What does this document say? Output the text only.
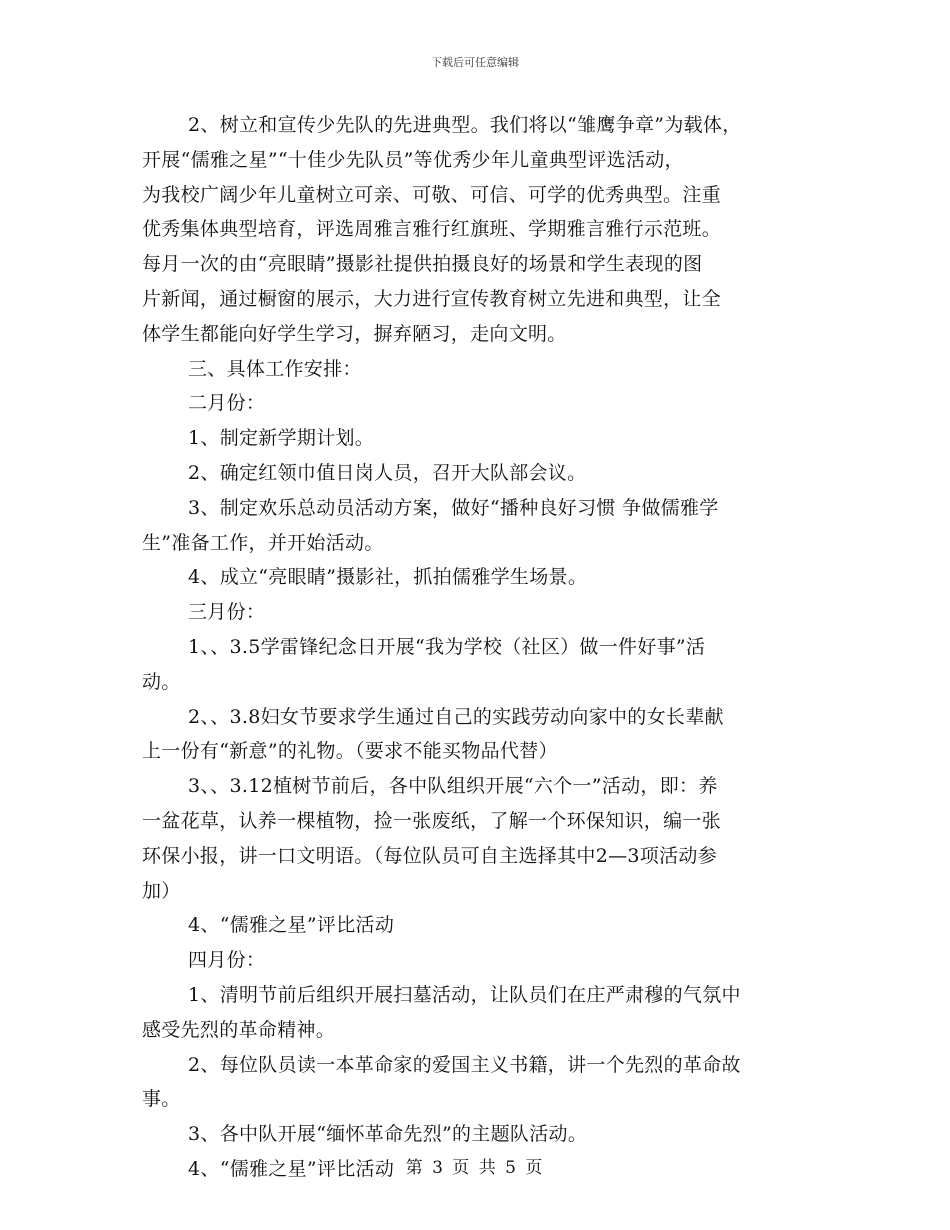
下载后可任意编辑
2、树立和宣传少先队的先进典型。我们将以“雏鹰争章”为载体，
开展“儒雅之星”“十佳少先队员”等优秀少年儿童典型评选活动，
为我校广阔少年儿童树立可亲、可敬、可信、可学的优秀典型。注重
优秀集体典型培育，评选周雅言雅行红旗班、学期雅言雅行示范班。
每月一次的由“亮眼睛”摄影社提供拍摄良好的场景和学生表现的图
片新闻，通过橱窗的展示，大力进行宣传教育树立先进和典型，让全
体学生都能向好学生学习，摒弃陋习，走向文明。
三、具体工作安排：
二月份：
1、制定新学期计划。
2、确定红领巾值日岗人员，召开大队部会议。
3、制定欢乐总动员活动方案，做好“播种良好习惯 争做儒雅学
生”准备工作，并开始活动。
4、成立“亮眼睛”摄影社，抓拍儒雅学生场景。
三月份：
1、、3.5学雷锋纪念日开展“我为学校（社区）做一件好事”活
动。
2、、3.8妇女节要求学生通过自己的实践劳动向家中的女长辈献
上一份有“新意”的礼物。（要求不能买物品代替）
3、、3.12植树节前后，各中队组织开展“六个一”活动，即：养
一盆花草，认养一棵植物，捡一张废纸，了解一个环保知识，编一张
环保小报，讲一口文明语。（每位队员可自主选择其中2—3项活动参
加）
4、“儒雅之星”评比活动
四月份：
1、清明节前后组织开展扫墓活动，让队员们在庄严肃穆的气氛中
感受先烈的革命精神。
2、每位队员读一本革命家的爱国主义书籍，讲一个先烈的革命故
事。
3、各中队开展“缅怀革命先烈”的主题队活动。
4、“儒雅之星”评比活动 第 3 页 共 5 页
